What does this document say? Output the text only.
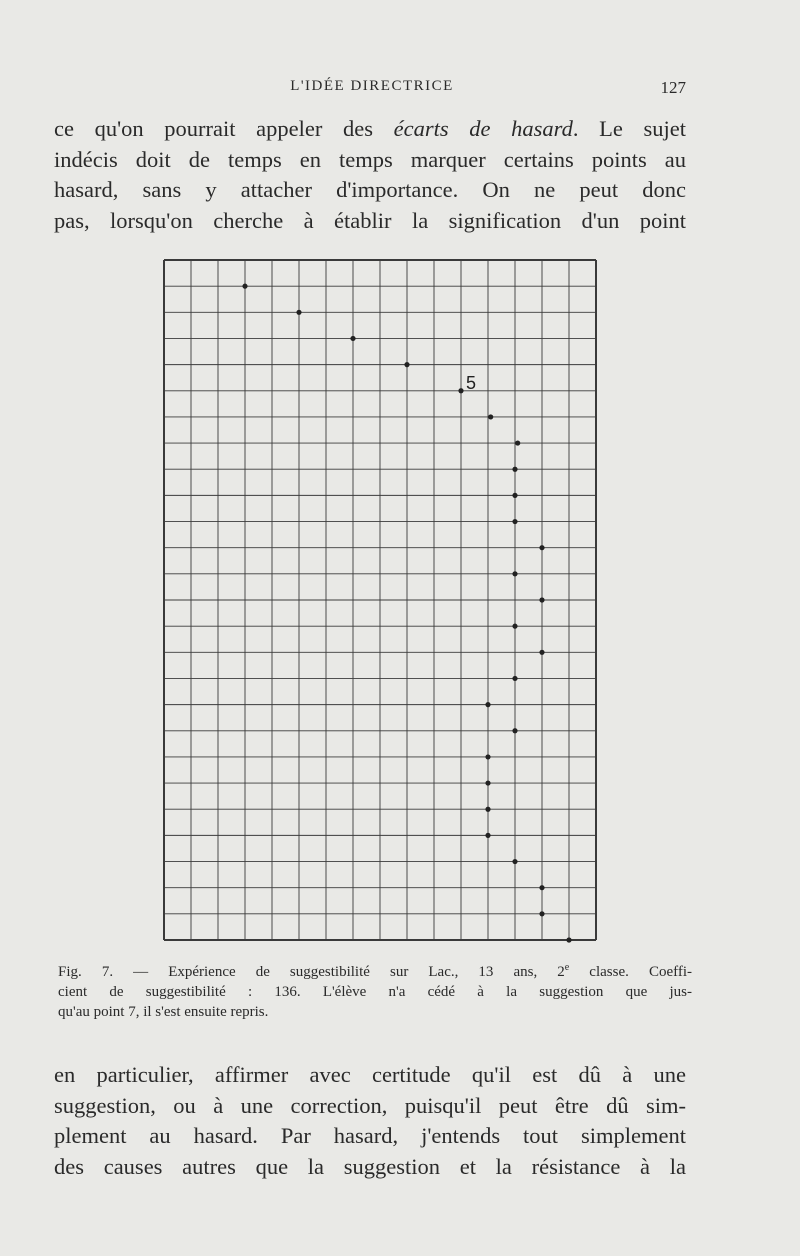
L'IDÉE DIRECTRICE	127
ce qu'on pourrait appeler des écarts de hasard. Le sujet
indécis doit de temps en temps marquer certains points au
hasard, sans y attacher d'importance. On ne peut donc
pas, lorsqu'on cherche à établir la signification d'un point
5
Fig. 7. — Expérience de suggestibilité sur Lac., 13 ans, 2e classe. Coeffi-
cient de suggestibilité : 136. L'élève n'a cédé à la suggestion que jus-
qu'au point 7, il s'est ensuite repris.
en particulier, affirmer avec certitude qu'il est dû à une
suggestion, ou à une correction, puisqu'il peut être dû sim-
plement au hasard. Par hasard, j'entends tout simplement
des causes autres que la suggestion et la résistance à la
